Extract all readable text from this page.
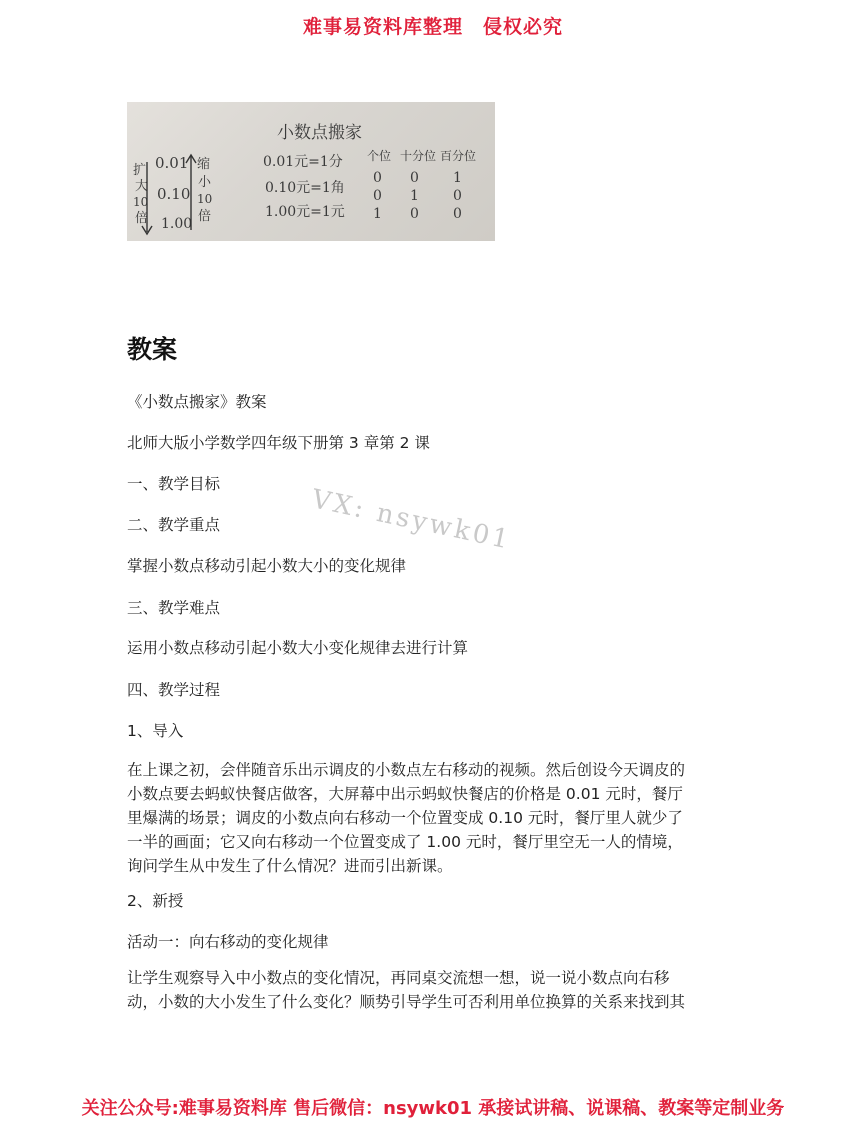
难事易资料库整理　侵权必究
小数点搬家
扩
大
10
倍
0.01
0.10
1.00
缩
小
10
倍
0.01元=1分
0.10元=1角
1.00元=1元
个位 十分位 百分位
0 0 1
0 1 0
1 0 0
教案
《小数点搬家》教案
北师大版小学数学四年级下册第 3 章第 2 课
一、教学目标
二、教学重点
掌握小数点移动引起小数大小的变化规律
三、教学难点
运用小数点移动引起小数大小变化规律去进行计算
四、教学过程
1、导入
在上课之初，会伴随音乐出示调皮的小数点左右移动的视频。然后创设今天调皮的
小数点要去蚂蚁快餐店做客，大屏幕中出示蚂蚁快餐店的价格是 0.01 元时，餐厅
里爆满的场景；调皮的小数点向右移动一个位置变成 0.10 元时，餐厅里人就少了
一半的画面；它又向右移动一个位置变成了 1.00 元时，餐厅里空无一人的情境，
询问学生从中发生了什么情况？进而引出新课。
2、新授
活动一：向右移动的变化规律
让学生观察导入中小数点的变化情况，再同桌交流想一想，说一说小数点向右移
动，小数的大小发生了什么变化？顺势引导学生可否利用单位换算的关系来找到其
VX: nsywk01
关注公众号:难事易资料库 售后微信：nsywk01 承接试讲稿、说课稿、教案等定制业务
